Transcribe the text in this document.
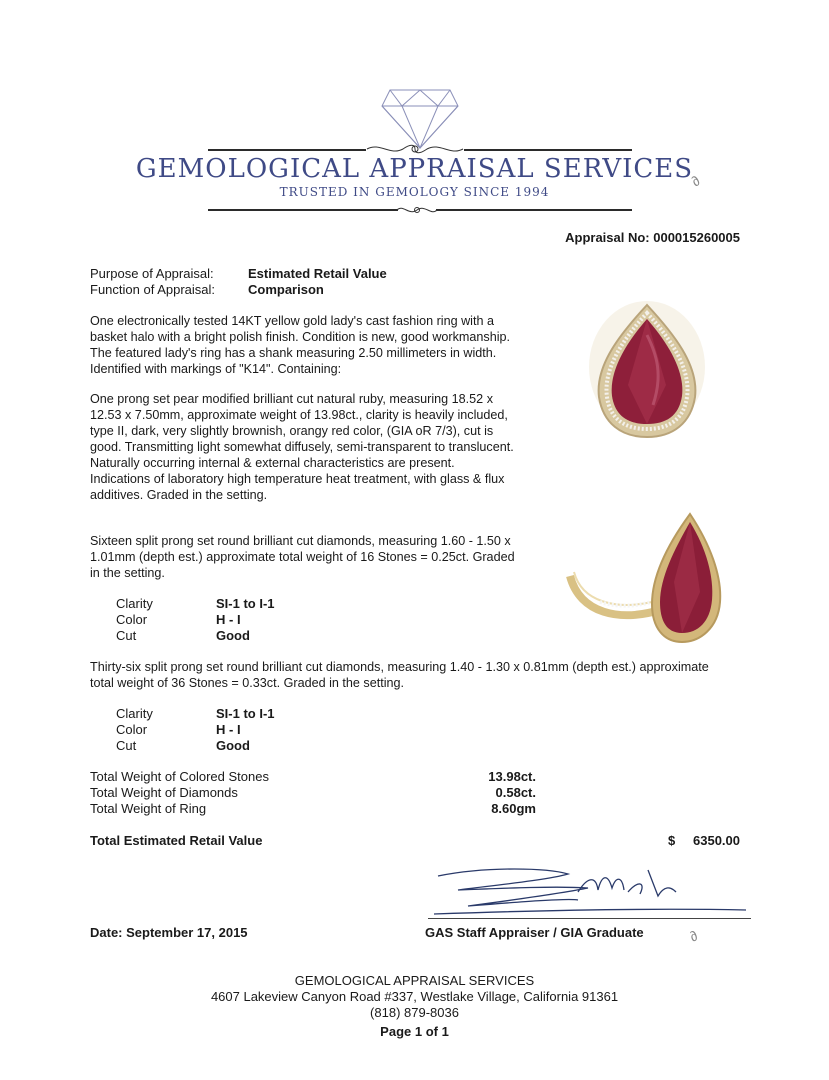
GEMOLOGICAL APPRAISAL SERVICES
TRUSTED IN GEMOLOGY SINCE 1994
Appraisal No: 000015260005
Purpose of Appraisal:	Estimated Retail Value
Function of Appraisal:	Comparison
One electronically tested 14KT yellow gold lady's cast fashion ring with a basket halo with a bright polish finish. Condition is new, good workmanship. The featured lady's ring has a shank measuring 2.50 millimeters in width. Identified with markings of "K14". Containing:
One prong set pear modified brilliant cut natural ruby, measuring 18.52 x 12.53 x 7.50mm, approximate weight of 13.98ct., clarity is heavily included, type II, dark, very slightly brownish, orangy red color, (GIA oR 7/3), cut is good. Transmitting light somewhat diffusely, semi-transparent to translucent. Naturally occurring internal & external characteristics are present. Indications of laboratory high temperature heat treatment, with glass & flux additives. Graded in the setting.
Sixteen split prong set round brilliant cut diamonds, measuring 1.60 - 1.50 x 1.01mm (depth est.) approximate total weight of 16 Stones = 0.25ct. Graded in the setting.
Clarity	SI-1 to I-1
Color	H - I
Cut	Good
Thirty-six split prong set round brilliant cut diamonds, measuring 1.40 - 1.30 x 0.81mm (depth est.) approximate total weight of 36 Stones = 0.33ct. Graded in the setting.
Clarity	SI-1 to I-1
Color	H - I
Cut	Good
Total Weight of Colored Stones	13.98ct.
Total Weight of Diamonds	0.58ct.
Total Weight of Ring	8.60gm
Total Estimated Retail Value	$ 6350.00
Date: September 17, 2015	GAS Staff Appraiser / GIA Graduate
GEMOLOGICAL APPRAISAL SERVICES
4607 Lakeview Canyon Road #337, Westlake Village, California 91361
(818) 879-8036
Page 1 of 1
∂
∂
